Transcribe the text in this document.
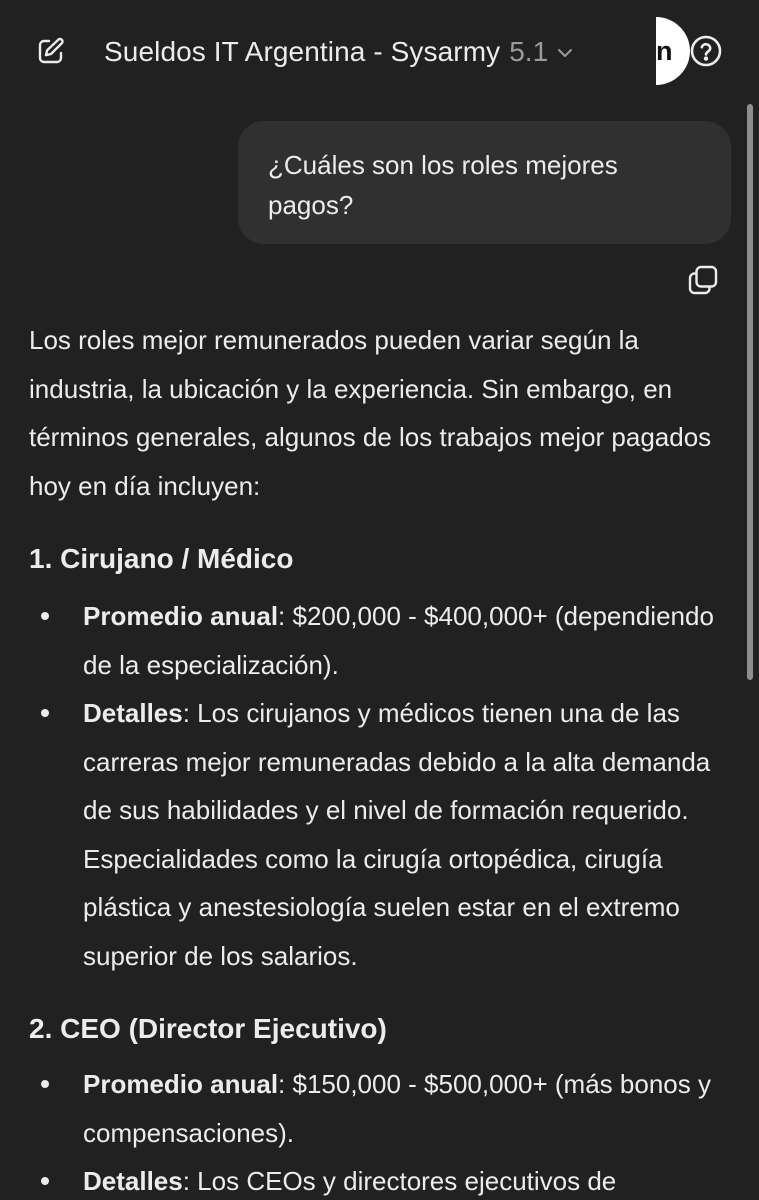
Sueldos IT Argentina - Sysarmy 5.1	n
¿Cuáles son los roles mejores pagos?

Los roles mejor remunerados pueden variar según la industria, la ubicación y la experiencia. Sin embargo, en términos generales, algunos de los trabajos mejor pagados hoy en día incluyen:

1. Cirujano / Médico
Promedio anual: $200,000 - $400,000+ (dependiendo de la especialización).
Detalles: Los cirujanos y médicos tienen una de las carreras mejor remuneradas debido a la alta demanda de sus habilidades y el nivel de formación requerido. Especialidades como la cirugía ortopédica, cirugía plástica y anestesiología suelen estar en el extremo superior de los salarios.
2. CEO (Director Ejecutivo)
Promedio anual: $150,000 - $500,000+ (más bonos y compensaciones).
Detalles: Los CEOs y directores ejecutivos de
